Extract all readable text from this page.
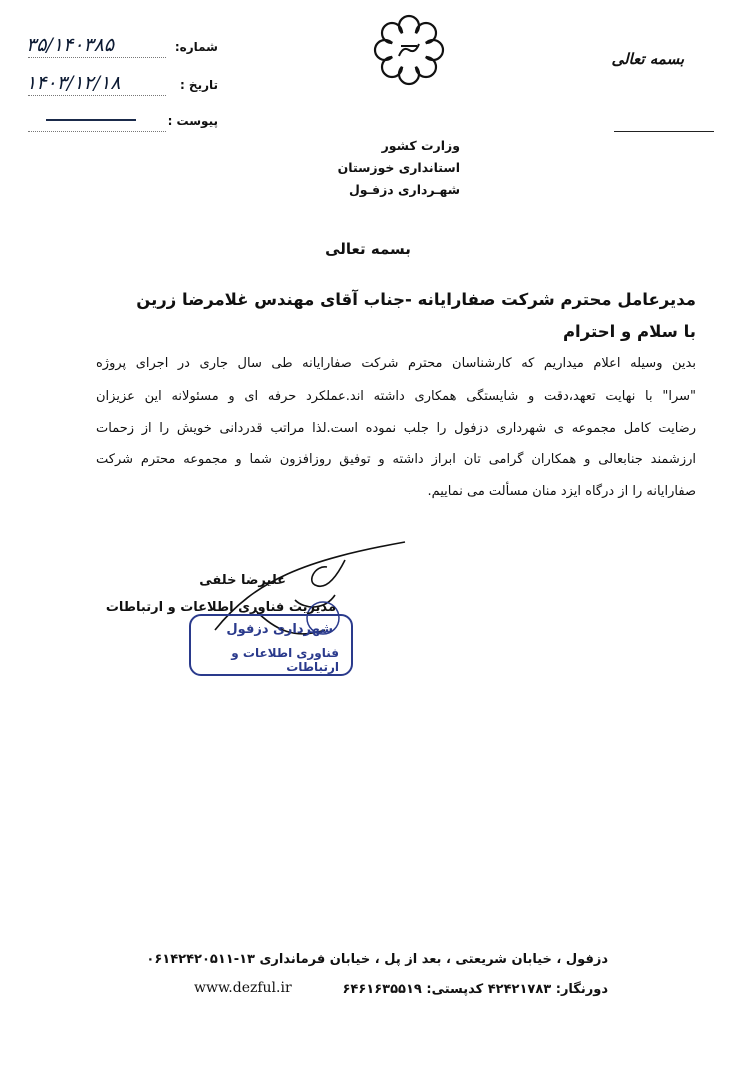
شماره:
۳۵/۱۴۰۳۸۵
تاریخ :
۱۴۰۳/۱۲/۱۸
پیوست :
بسمه تعالی
وزارت کشور
استانداری خوزستان
شهـرداری دزفـول
بسمه تعالی
مدیرعامل محترم شرکت صفارایانه -جناب آقای مهندس غلامرضا زرین
با سلام و احترام
بدین وسیله اعلام میداریم که کارشناسان محترم شرکت صفارایانه طی سال جاری در اجرای پروژه
"سرا" با نهایت تعهد،دقت و شایستگی همکاری داشته اند.عملکرد حرفه ای و مسئولانه این عزیزان
رضایت کامل مجموعه ی شهرداری دزفول را جلب نموده است.لذا مراتب قدردانی خویش را از زحمات
ارزشمند جنابعالی و همکاران گرامی تان ابراز داشته و توفیق روزافزون شما و مجموعه محترم شرکت
صفارایانه را از درگاه ایزد منان مسألت می نماییم.
علیرضا خلفی
مدیریت فناوری اطلاعات و ارتباطات
شهرداری دزفول
فناوری اطلاعات و ارتباطات
دزفول ، خیابان شریعتی ، بعد از پل ، خیابان فرمانداری ۱۳-۰۶۱۴۲۴۲۰۵۱۱
دورنگار: ۴۲۴۲۱۷۸۳ کدپستی: ۶۴۶۱۶۳۵۵۱۹
www.dezful.ir
